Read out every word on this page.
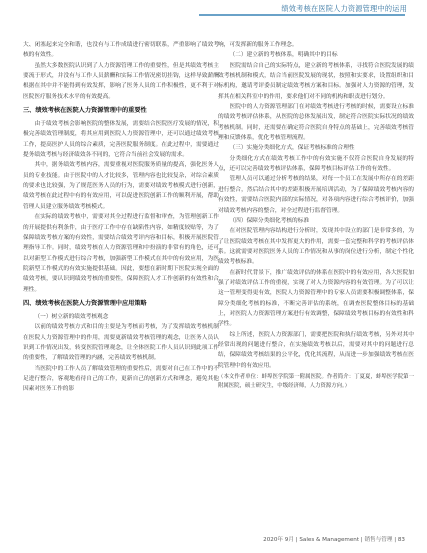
绩效考核在医院人力资源管理中的运用

大、闭塞起来完全和谐，也没有与工作成绩进行密切联系，严重影响了绩效考核的有效性。

虽然大多数医院认识到了人力资源管理工作的重要性，但是其绩效考核主要流于形式，并没有与工作人员薪酬和实际工作情况密切挂钩，这样导致薪酬根据在其中并不能得到有效发挥，影响了医务人员的工作积极性，更不利于对医院医疗服务技术水平的有效提高。

三、绩效考核在医院人力资源管理中的重要性

由于绩效考核会影响医院的整体发展，需要结合医院医疗发展的情况，积极完善绩效管理制度，将其应用到医院人力资源管理中，还可以通过绩效考核工作，提高医护人员的综合素质，完善医院服务制度。在此过程中，需要通过提务绩效考核与经济绩效各不同的，它符合当前社会发展的需求。

其中，据务绩效考核内容，需要重视对医院服务质量的提高，强化医务人员的专业技能。由于医院中的人才比较多，管理内容也比较复杂，对综合素质的要求也比较强，为了规范医务人员的行为，需要对绩效考核模式进行创新，绩效考核在此过程中有的有效应用，可以促进医院创新工作的顺利开展，帮助管理人员建立服务绩效考核模式。

在实际的绩效考核中，需要对其全过程进行监督和审查，为管理创新工作的开展提供有利条件，由于医疗工作中存在缺陷性内容，如精度较贴等，为了保障绩效考核方案的有效性，需要结合绩效考评内容和目标，积极开展医院管理指导工作。同时，绩效考核在人力资源管理和中扮演的非常有的角色，还可以对新型工作模式进行综合考核，加强新型工作模式在其中的有效应用，为医院新型工作模式的有效实施提供基础。因此，要想在新时期下医院实现全面的绩效考核，要认识到绩效考核的重要性，保障医院人才工作创新的有效性和合理性。

四、绩效考核在医院人力资源管理中应用策略
（一）树立新的绩效考核观念

以前的绩效考核方式和目的主要是为考核而考核，为了发挥绩效考核机制在医院人力资源管理中的作用，需要更新绩效考核管理的观念，让医务人员认识到工作情况出发，转变医院管理观念，让全体医院工作人员认识到此项工作的重要性，了解绩效管理的内涵，完善绩效考核机制。

当医院中的工作人员了解绩效管理的重要性后，需要对自己在工作中的不足进行整合，客观地看待自己的工作，更新自己的创新方式和理念，避免其他因素对医务工作的影

响，可发挥新的服务工作理念。

（二）建立新的考核体系，明确其中的目标

医院需结合自己的实际特点，建立新的考核体系，寻找符合医院发展的绩效考核机制和模式，结合当前医院发展的现状，按照和实要求，设置组织和目标机构，邀请考评委员制定绩效考核方案和目标。加强对人力资源的管理，发挥其在相关科室中的作用，要求他们对不同的机构和职责进行划分。

医院中的人力资源管理部门在对绩效考核进行考核的时候，需要设立标准的绩效考核评估体系，从医院的总体发展出发，制定符合医院实际状况的绩效考核机制。同时，还需要在确定符合医院自身特点的基础上，完善绩效考核管理和反馈体系，优化考核管理流程。

（三）实施分类细化方式，保证考核标准的合理性

分类细化方式在绩效考核工作中的有效实施不仅符合医院自身发展的特点，还可以完善绩效考核评估体系，保障考核目标评估工作的有效性。

管理人员可以通过分析考核的结果，对每一个员工在发展中所存在的差距进行整合，然后结合其中的差距积极开展培训活动，为了保障绩效考核内容的有效性，需要结合医院内部的实际情况，对各项内容进行综合考核评价，加强对绩效考核内容的整合，对全过程进行监督管理。

（四）保障分类细化考核的标准

在对医院管理内容结构进行分析时，发现其中设立的部门是非常多的，为了让医院绩效考核在其中发挥更大的作用，需要一套完整和科学的考核评估体系。这就需要对医院医务人员的工作情况和从事的岗位进行分析，制定个性化绩效考核标准。

在新时代背景下，推广绩效评估的体系在医院中的有效应用，各大医院加强了对绩效评估工作的重视，实现了对人力资源内容的有效管理。为了可以让这一管理变得更有效，医院人力资源管理中的专家人员需要积极调整体系，保障分类细化考核的标准，不断完善评估的系统，在调查医院整体目标的基础上，对医院人力资源管理方案进行有效调整，保障绩效考核目标的有效性和科学性。

综上所述，医院人力资源部门，需要把医院和执行绩效考核，另外对其中经常出现的问题进行整合，在实施绩效考核以后，需要对其中的问题进行总结，保障绩效考核结果的公平化，优化其流程，从而进一步加强绩效考核在医院管理中的有效应用。

（本文作者单位：蚌埠医学院第一附属医院。作者简介：丁夏夏，蚌埠医学院第一附属医院，硕士研究生，中级经济师，人力资源方向。）

2020年 9月 | Sales & Management | 销售与管理 | 83
